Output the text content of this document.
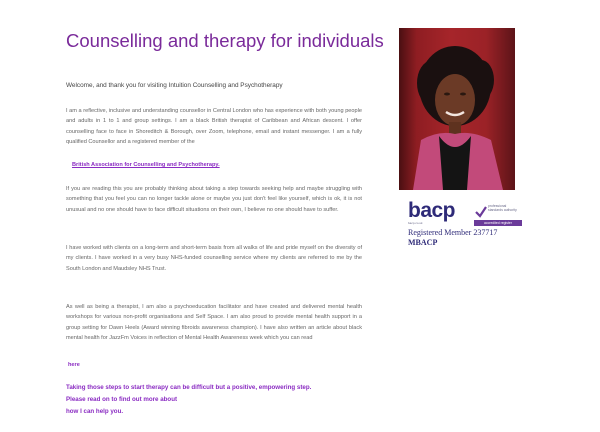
Counselling and therapy for individuals
Welcome, and thank you for visiting Intuition Counselling and Psychotherapy
I am a reflective, inclusive and understanding counsellor in Central London who has experience with both young people and adults in 1 to 1 and group settings. I am a black British therapist of Caribbean and African descent. I offer counselling face to face in Shoreditch & Borough, over Zoom, telephone, email and instant messenger. I am a fully qualified Counsellor and a registered member of the
British Association for Counselling and Psychotherapy.
If you are reading this you are probably thinking about taking a step towards seeking help and maybe struggling with something that you feel you can no longer tackle alone or maybe you just don't feel like yourself, which is ok, it is not unusual and no one should have to face difficult situations on their own, I believe no one should have to suffer.
I have worked with clients on a long-term and short-term basis from all walks of life and pride myself on the diversity of my clients. I have worked in a very busy NHS-funded counselling service where my clients are referred to me by the South London and Maudsley NHS Trust.
As well as being a therapist, I am also a psychoeducation facilitator and have created and delivered mental health workshops for various non-profit organisations and Self Space. I am also proud to provide mental health support in a group setting for Dawn Heels (Award winning fibroids awareness champion). I have also written an article about black mental health for JazzFm Voices in reflection of Mental Health Awareness week which you can read
here
Taking those steps to start therapy can be difficult but a positive, empowering step.
Please read on to find out more about
how I can help you.
bacp
bacp.co.uk
professional standards authority
accredited register
Registered Member 237717
MBACP
